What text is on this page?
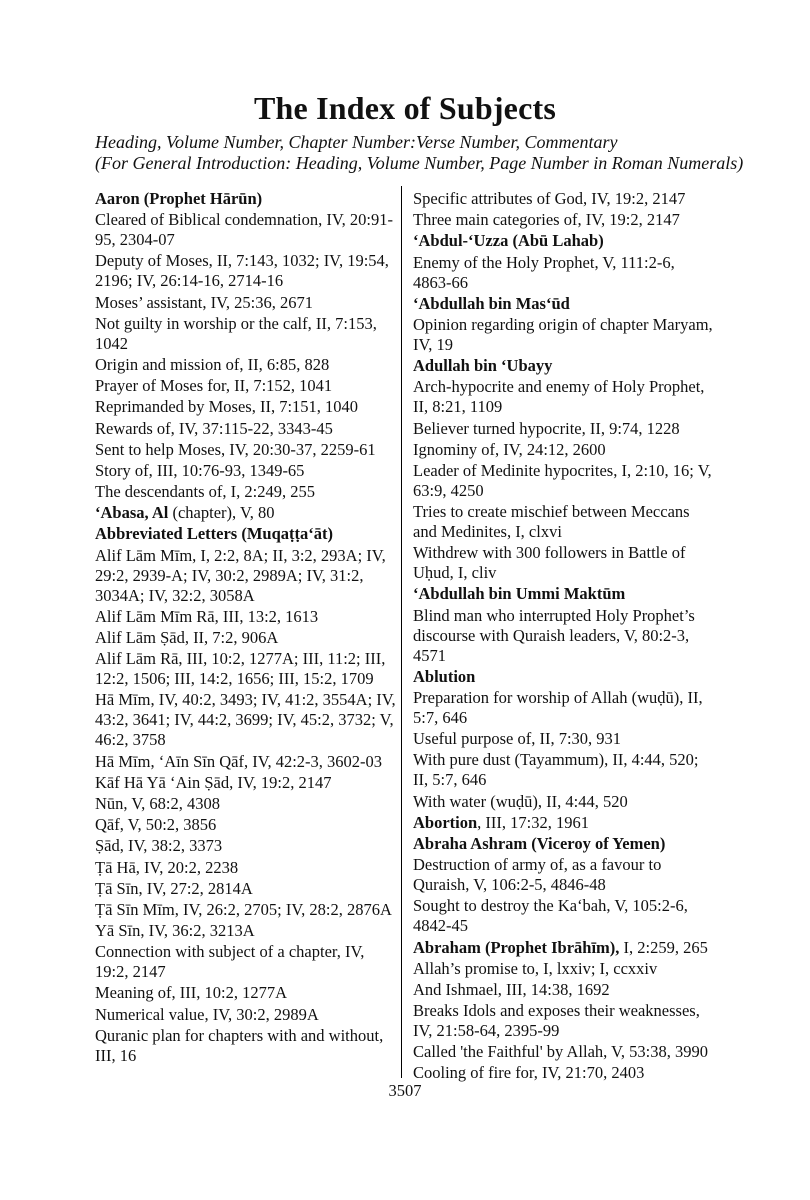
The Index of Subjects
Heading, Volume Number, Chapter Number:Verse Number, Commentary
(For General Introduction: Heading, Volume Number, Page Number in Roman Numerals)

Aaron (Prophet Hārūn)

Cleared of Biblical condemnation, IV, 20:91-95, 2304-07

Deputy of Moses, II, 7:143, 1032; IV, 19:54, 2196; IV, 26:14-16, 2714-16

Moses’ assistant, IV, 25:36, 2671

Not guilty in worship or the calf, II, 7:153, 1042

Origin and mission of, II, 6:85, 828

Prayer of Moses for, II, 7:152, 1041

Reprimanded by Moses, II, 7:151, 1040

Rewards of, IV, 37:115-22, 3343-45

Sent to help Moses, IV, 20:30-37, 2259-61

Story of, III, 10:76-93, 1349-65

The descendants of, I, 2:249, 255

‘Abasa, Al (chapter), V, 80

Abbreviated Letters (Muqaṭṭa‘āt)

Alif Lām Mīm, I, 2:2, 8A; II, 3:2, 293A; IV, 29:2, 2939-A; IV, 30:2, 2989A; IV, 31:2, 3034A; IV, 32:2, 3058A

Alif Lām Mīm Rā, III, 13:2, 1613

Alif Lām Ṣād, II, 7:2, 906A

Alif Lām Rā, III, 10:2, 1277A; III, 11:2; III, 12:2, 1506; III, 14:2, 1656; III, 15:2, 1709

Hā Mīm, IV, 40:2, 3493; IV, 41:2, 3554A; IV, 43:2, 3641; IV, 44:2, 3699; IV, 45:2, 3732; V, 46:2, 3758

Hā Mīm, ‘Aīn Sīn Qāf, IV, 42:2-3, 3602-03

Kāf Hā Yā ‘Ain Ṣād, IV, 19:2, 2147

Nūn, V, 68:2, 4308

Qāf, V, 50:2, 3856

Ṣād, IV, 38:2, 3373

Ṭā Hā, IV, 20:2, 2238

Ṭā Sīn, IV, 27:2, 2814A

Ṭā Sīn Mīm, IV, 26:2, 2705; IV, 28:2, 2876A

Yā Sīn, IV, 36:2, 3213A

Connection with subject of a chapter, IV, 19:2, 2147

Meaning of, III, 10:2, 1277A

Numerical value, IV, 30:2, 2989A

Quranic plan for chapters with and without, III, 16

Specific attributes of God, IV, 19:2, 2147

Three main categories of, IV, 19:2, 2147

‘Abdul-‘Uzza (Abū Lahab)

Enemy of the Holy Prophet, V, 111:2-6, 4863-66

‘Abdullah bin Mas‘ūd

Opinion regarding origin of chapter Maryam, IV, 19

Adullah bin ‘Ubayy

Arch-hypocrite and enemy of Holy Prophet, II, 8:21, 1109

Believer turned hypocrite, II, 9:74, 1228

Ignominy of, IV, 24:12, 2600

Leader of Medinite hypocrites, I, 2:10, 16; V, 63:9, 4250

Tries to create mischief between Meccans and Medinites, I, clxvi

Withdrew with 300 followers in Battle of Uḥud, I, cliv

‘Abdullah bin Ummi Maktūm

Blind man who interrupted Holy Prophet’s discourse with Quraish leaders, V, 80:2-3, 4571

Ablution

Preparation for worship of Allah (wuḍū), II, 5:7, 646

Useful purpose of, II, 7:30, 931

With pure dust (Tayammum), II, 4:44, 520; II, 5:7, 646

With water (wuḍū), II, 4:44, 520

Abortion, III, 17:32, 1961

Abraha Ashram (Viceroy of Yemen)

Destruction of army of, as a favour to Quraish, V, 106:2-5, 4846-48

Sought to destroy the Ka‘bah, V, 105:2-6, 4842-45

Abraham (Prophet Ibrāhīm), I, 2:259, 265

Allah’s promise to, I, lxxiv; I, ccxxiv

And Ishmael, III, 14:38, 1692

Breaks Idols and exposes their weaknesses, IV, 21:58-64, 2395-99

Called 'the Faithful' by Allah, V, 53:38, 3990

Cooling of fire for, IV, 21:70, 2403

3507
